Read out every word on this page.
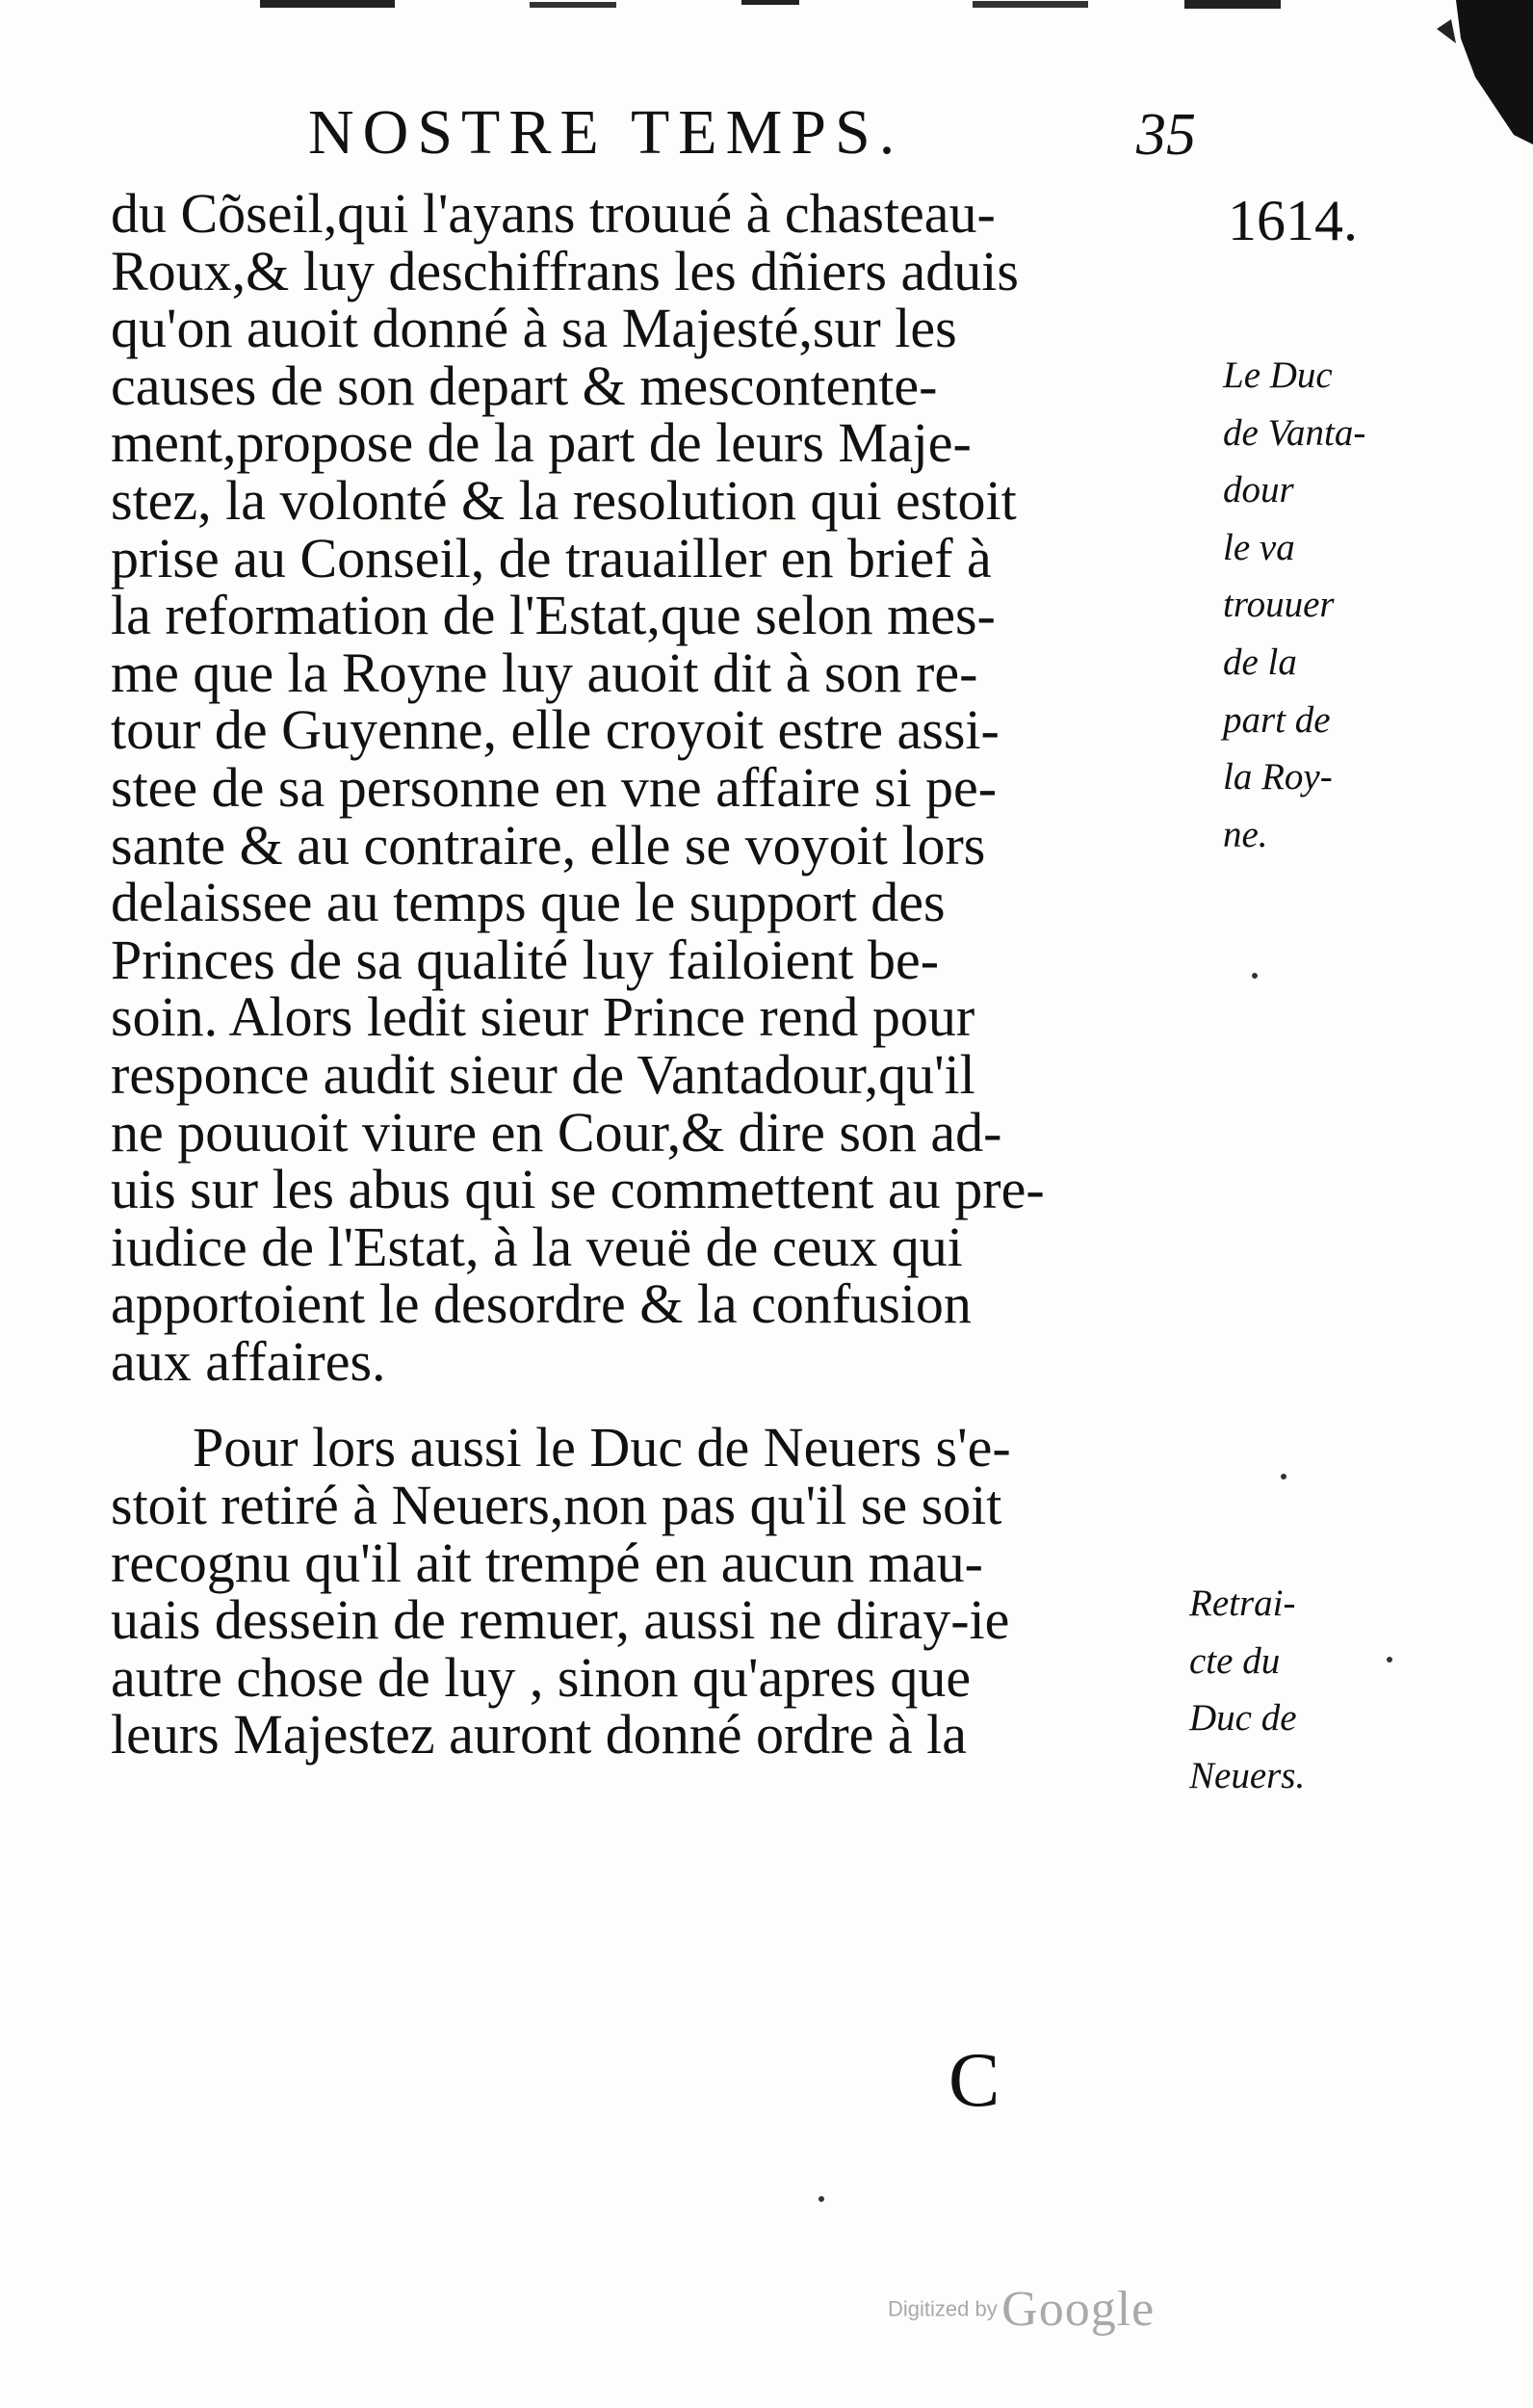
NOSTRE TEMPS.	35
1614.
du Cõseil,qui l'ayans trouué à chasteau-
Roux,& luy deschiffrans les dñiers aduis
qu'on auoit donné à sa Majesté,sur les
causes de son depart & mescontente-
ment,propose de la part de leurs Maje-
stez, la volonté & la resolution qui estoit
prise au Conseil, de trauailler en brief à
la reformation de l'Estat,que selon mes-
me que la Royne luy auoit dit à son re-
tour de Guyenne, elle croyoit estre assi-
stee de sa personne en vne affaire si pe-
sante & au contraire, elle se voyoit lors
delaissee au temps que le support des
Princes de sa qualité luy failoient be-
soin. Alors ledit sieur Prince rend pour
responce audit sieur de Vantadour,qu'il
ne pouuoit viure en Cour,& dire son ad-
uis sur les abus qui se commettent au pre-
iudice de l'Estat, à la veuë de ceux qui
apportoient le desordre & la confusion
aux affaires.
Pour lors aussi le Duc de Neuers s'e-
stoit retiré à Neuers,non pas qu'il se soit
recognu qu'il ait trempé en aucun mau-
uais dessein de remuer, aussi ne diray-ie
autre chose de luy , sinon qu'apres que
leurs Majestez auront donné ordre à la
Le Duc
de Vanta-
dour
le va
trouuer
de la
part de
la Roy-
ne.
Retrai-
cte du
Duc de
Neuers.
C
Digitized by Google
